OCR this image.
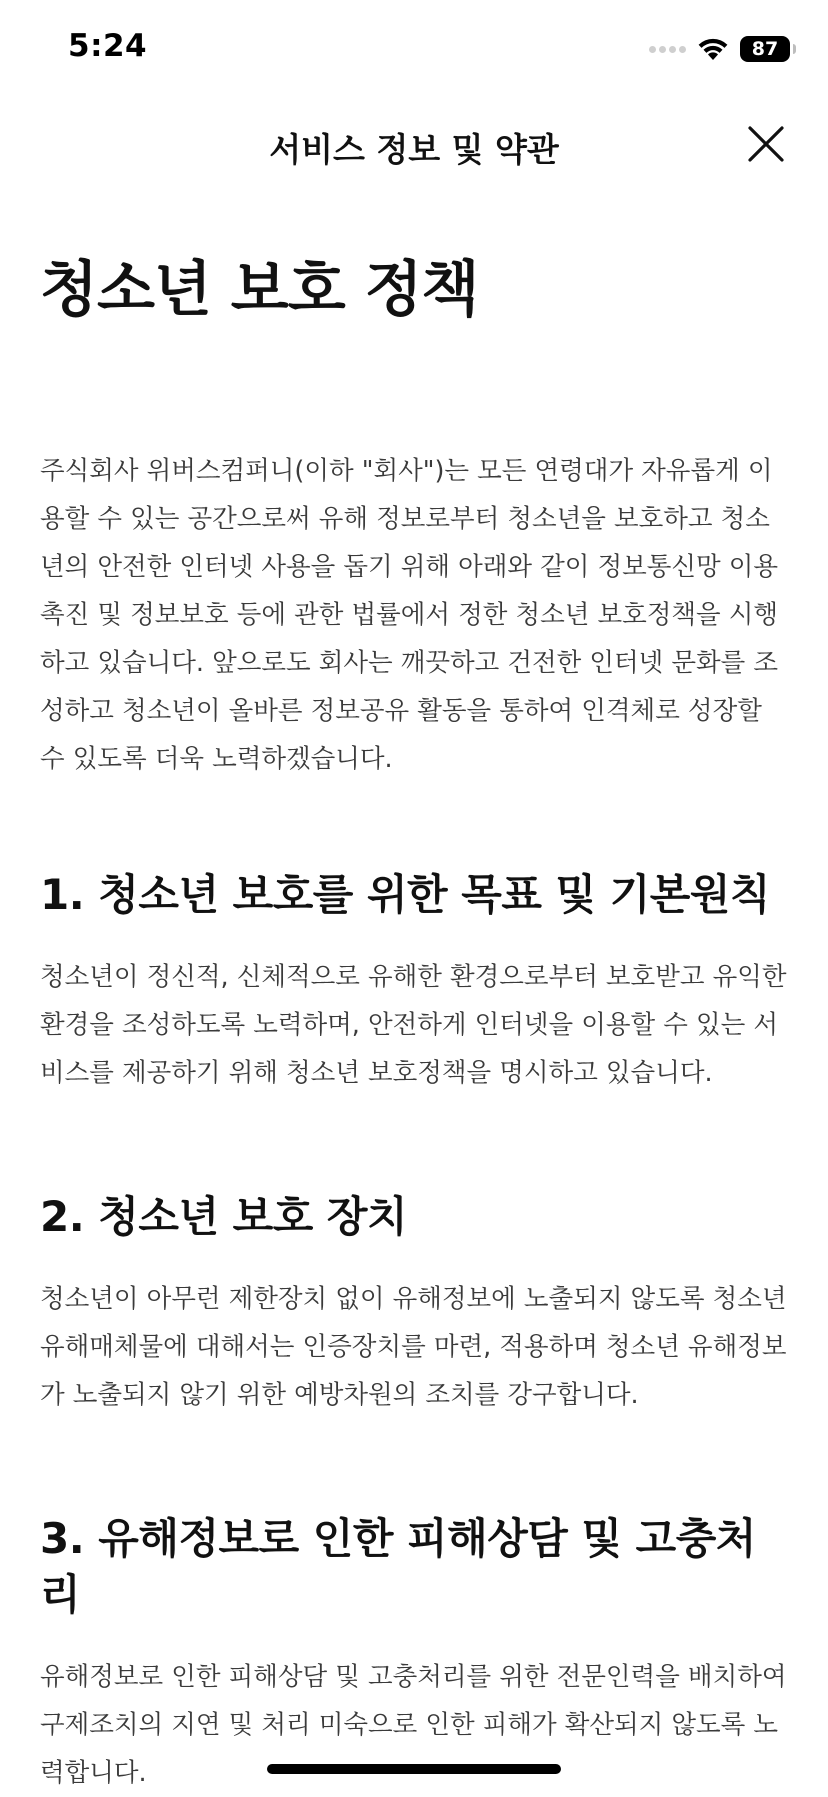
5:24	87
서비스 정보 및 약관
청소년 보호 정책

주식회사 위버스컴퍼니(이하 "회사")는 모든 연령대가 자유롭게 이용할 수 있는 공간으로써 유해 정보로부터 청소년을 보호하고 청소년의 안전한 인터넷 사용을 돕기 위해 아래와 같이 정보통신망 이용촉진 및 정보보호 등에 관한 법률에서 정한 청소년 보호정책을 시행하고 있습니다. 앞으로도 회사는 깨끗하고 건전한 인터넷 문화를 조성하고 청소년이 올바른 정보공유 활동을 통하여 인격체로 성장할 수 있도록 더욱 노력하겠습니다.

1. 청소년 보호를 위한 목표 및 기본원칙

청소년이 정신적, 신체적으로 유해한 환경으로부터 보호받고 유익한 환경을 조성하도록 노력하며, 안전하게 인터넷을 이용할 수 있는 서비스를 제공하기 위해 청소년 보호정책을 명시하고 있습니다.

2. 청소년 보호 장치

청소년이 아무런 제한장치 없이 유해정보에 노출되지 않도록 청소년 유해매체물에 대해서는 인증장치를 마련, 적용하며 청소년 유해정보가 노출되지 않기 위한 예방차원의 조치를 강구합니다.

3. 유해정보로 인한 피해상담 및 고충처리

유해정보로 인한 피해상담 및 고충처리를 위한 전문인력을 배치하여 구제조치의 지연 및 처리 미숙으로 인한 피해가 확산되지 않도록 노력합니다.
